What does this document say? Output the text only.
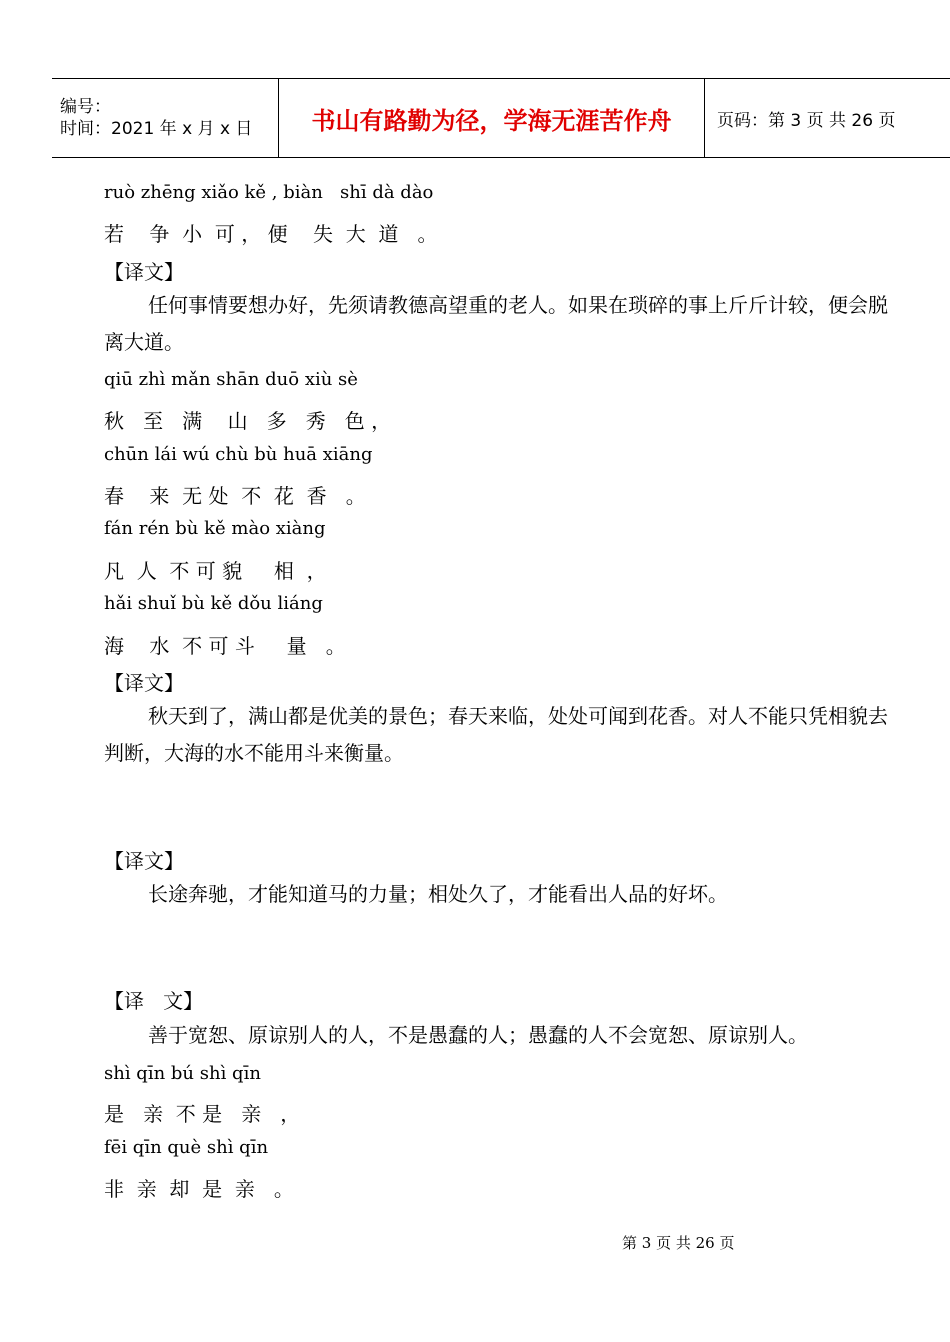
编号：
时间：2021 年 x 月 x 日	书山有路勤为径，学海无涯苦作舟	页码：第 3 页 共 26 页
ruò zhēng xiǎo kě , biàn   shī dà dào
若    争  小  可 ， 便    失  大  道   。
【译文】
任何事情要想办好，先须请教德高望重的老人。如果在琐碎的事上斤斤计较，便会脱离大道。
qiū zhì mǎn shān duō xiù sè
秋   至   满    山   多   秀   色 ，
chūn lái wú chù bù huā xiāng
春    来  无 处  不  花  香   。
fán rén bù kě mào xiàng
凡  人  不 可 貌     相  ，
hǎi shuǐ bù kě dǒu liáng
海    水  不 可 斗     量   。
【译文】
秋天到了，满山都是优美的景色；春天来临，处处可闻到花香。对人不能只凭相貌去判断，大海的水不能用斗来衡量。
【译文】
长途奔驰，才能知道马的力量；相处久了，才能看出人品的好坏。
【译   文】
善于宽恕、原谅别人的人，不是愚蠢的人；愚蠢的人不会宽恕、原谅别人。
shì qīn bú shì qīn
是   亲  不 是   亲   ，
fēi qīn què shì qīn
非  亲  却  是  亲   。
第 3 页 共 26 页
